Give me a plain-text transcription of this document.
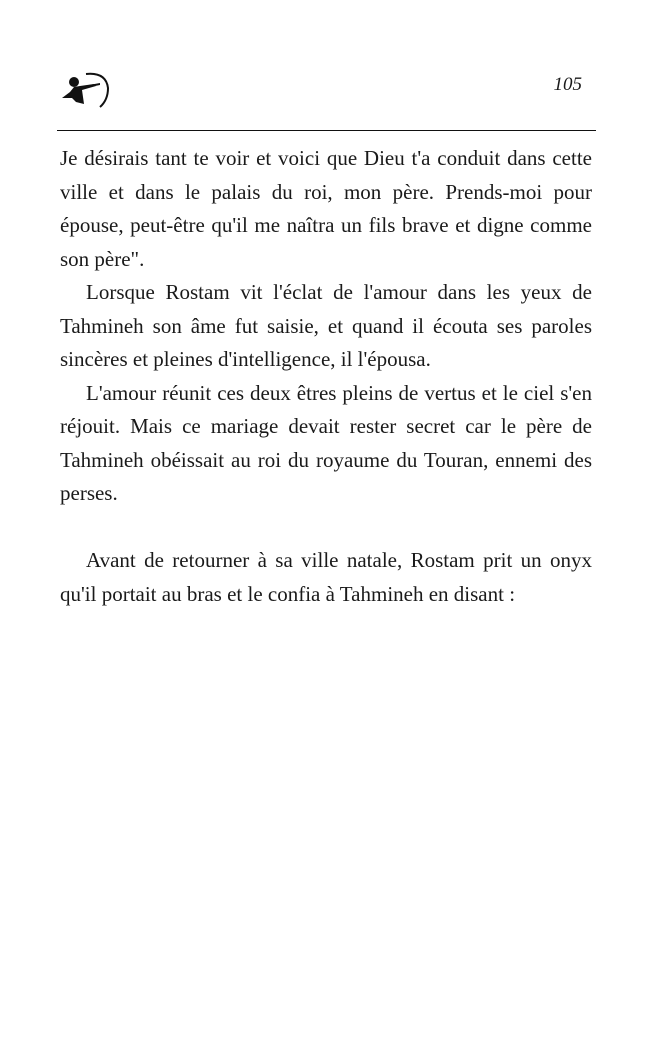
105

Je désirais tant te voir et voici que Dieu t'a conduit dans cette ville et dans le palais du roi, mon père. Prends-moi pour épouse, peut-être qu'il me naîtra un fils brave et digne comme son père".

Lorsque Rostam vit l'éclat de l'amour dans les yeux de Tahmineh son âme fut saisie, et quand il écouta ses paroles sincères et pleines d'intelligence, il l'épousa.

L'amour réunit ces deux êtres pleins de vertus et le ciel s'en réjouit. Mais ce mariage devait rester secret car le père de Tahmineh obéissait au roi du royaume du Touran, ennemi des perses.

Avant de retourner à sa ville natale, Rostam prit un onyx qu'il portait au bras et le confia à Tahmineh en disant :
